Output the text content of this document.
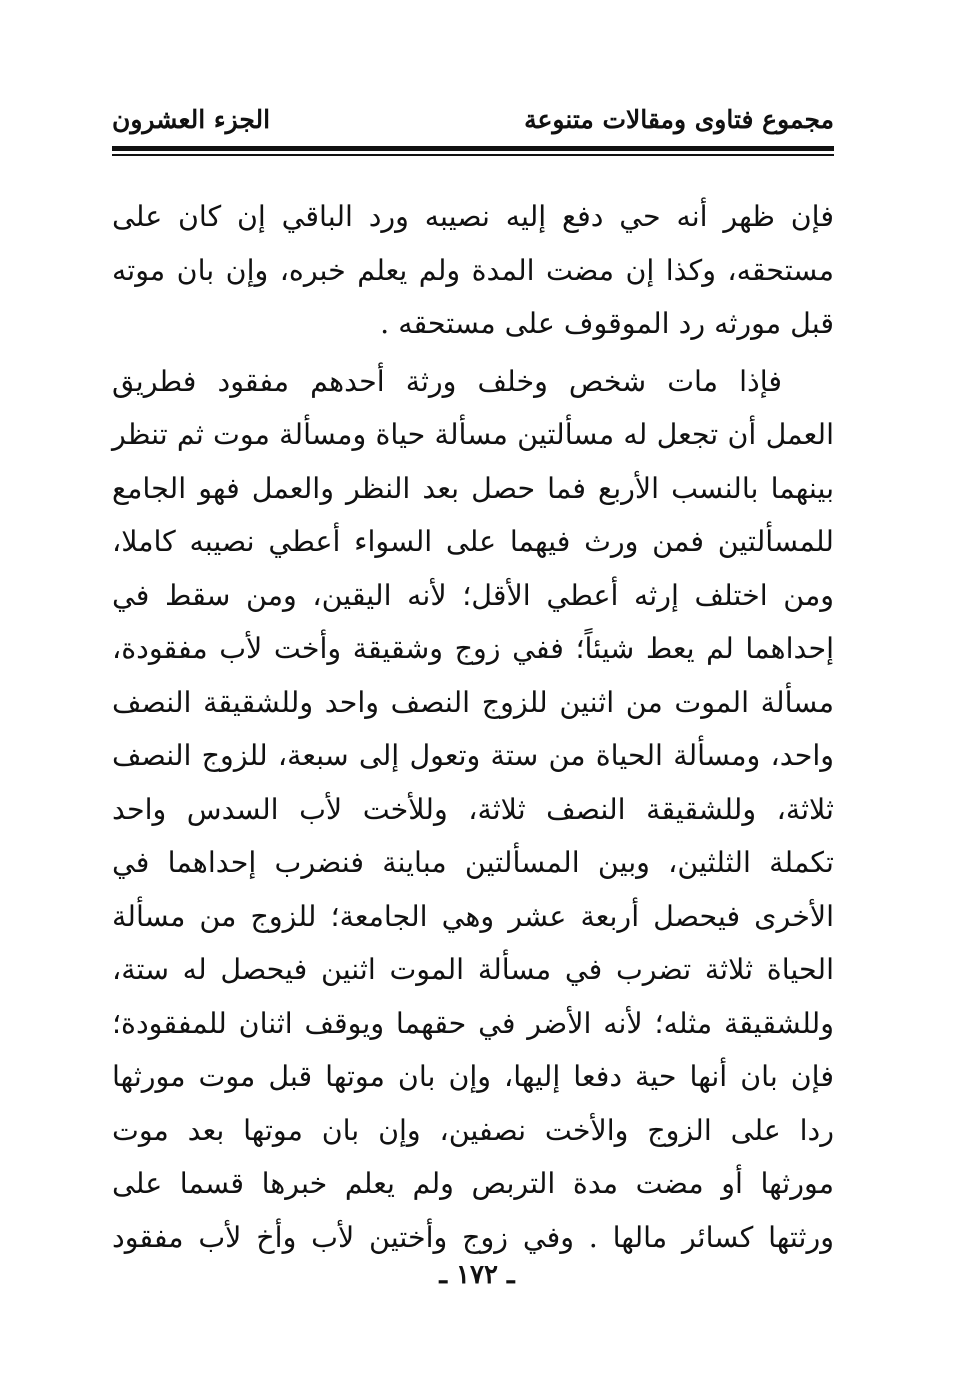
مجموع فتاوى ومقالات متنوعة
الجزء العشرون
فإن ظهر أنه حي دفع إليه نصيبه ورد الباقي إن كان على
مستحقه، وكذا إن مضت المدة ولم يعلم خبره، وإن بان موته
قبل مورثه رد الموقوف على مستحقه .
فإذا مات شخص وخلف ورثة أحدهم مفقود فطريق
العمل أن تجعل له مسألتين مسألة حياة ومسألة موت ثم تنظر
بينهما بالنسب الأربع فما حصل بعد النظر والعمل فهو الجامع
للمسألتين فمن ورث فيهما على السواء أعطي نصيبه كاملا،
ومن اختلف إرثه أعطي الأقل؛ لأنه اليقين، ومن سقط في
إحداهما لم يعط شيئاً؛ ففي زوج وشقيقة وأخت لأب مفقودة،
مسألة الموت من اثنين للزوج النصف واحد وللشقيقة النصف
واحد، ومسألة الحياة من ستة وتعول إلى سبعة، للزوج النصف
ثلاثة، وللشقيقة النصف ثلاثة، وللأخت لأب السدس واحد
تكملة الثلثين، وبين المسألتين مباينة فنضرب إحداهما في
الأخرى فيحصل أربعة عشر وهي الجامعة؛ للزوج من مسألة
الحياة ثلاثة تضرب في مسألة الموت اثنين فيحصل له ستة،
وللشقيقة مثله؛ لأنه الأضر في حقهما ويوقف اثنان للمفقودة؛
فإن بان أنها حية دفعا إليها، وإن بان موتها قبل موت مورثها
ردا على الزوج والأخت نصفين، وإن بان موتها بعد موت
مورثها أو مضت مدة التربص ولم يعلم خبرها قسما على
ورثتها كسائر مالها . وفي زوج وأختين لأب وأخ لأب مفقود
ـ ١٧٢ ـ
